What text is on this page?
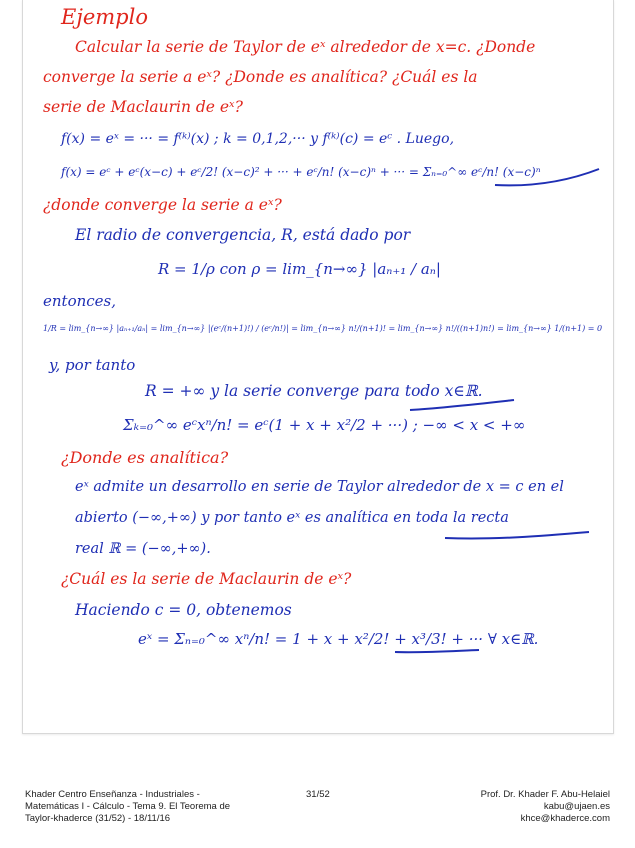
Ejemplo
Calcular la serie de Taylor de eˣ alrededor de x=c. ¿Donde
converge la serie a eˣ? ¿Donde es analítica? ¿Cuál es la
serie de Maclaurin de eˣ?
f(x) = eˣ = ··· = f⁽ᵏ⁾(x) ; k = 0,1,2,··· y f⁽ᵏ⁾(c) = eᶜ . Luego,
f(x) = eᶜ + eᶜ(x−c) + eᶜ/2! (x−c)² + ··· + eᶜ/n! (x−c)ⁿ + ··· = Σₙ₌₀^∞ eᶜ/n! (x−c)ⁿ
¿donde converge la serie a eˣ?
El radio de convergencia, R, está dado por
R = 1/ρ con ρ = lim_{n→∞} |aₙ₊₁ / aₙ|
entonces,
1/R = lim_{n→∞} |aₙ₊₁/aₙ| = lim_{n→∞} |(eᶜ/(n+1)!) / (eᶜ/n!)| = lim_{n→∞} n!/(n+1)! = lim_{n→∞} n!/((n+1)n!) = lim_{n→∞} 1/(n+1) = 0
y, por tanto
R = +∞ y la serie converge para todo x∈ℝ.
Σₖ₌₀^∞ eᶜxⁿ/n! = eᶜ(1 + x + x²/2 + ···) ; −∞ < x < +∞
¿Donde es analítica?
eˣ admite un desarrollo en serie de Taylor alrededor de x = c en el
abierto (−∞,+∞) y por tanto eˣ es analítica en toda la recta
real ℝ = (−∞,+∞).
¿Cuál es la serie de Maclaurin de eˣ?
Haciendo c = 0, obtenemos
eˣ = Σₙ₌₀^∞ xⁿ/n! = 1 + x + x²/2! + x³/3! + ··· ∀ x∈ℝ.
Khader Centro Enseñanza - Industriales -
Matemáticas I - Cálculo - Tema 9. El Teorema de
Taylor-khaderce (31/52) - 18/11/16
31/52	Prof. Dr. Khader F. Abu-Helaiel
kabu@ujaen.es
khce@khaderce.com
